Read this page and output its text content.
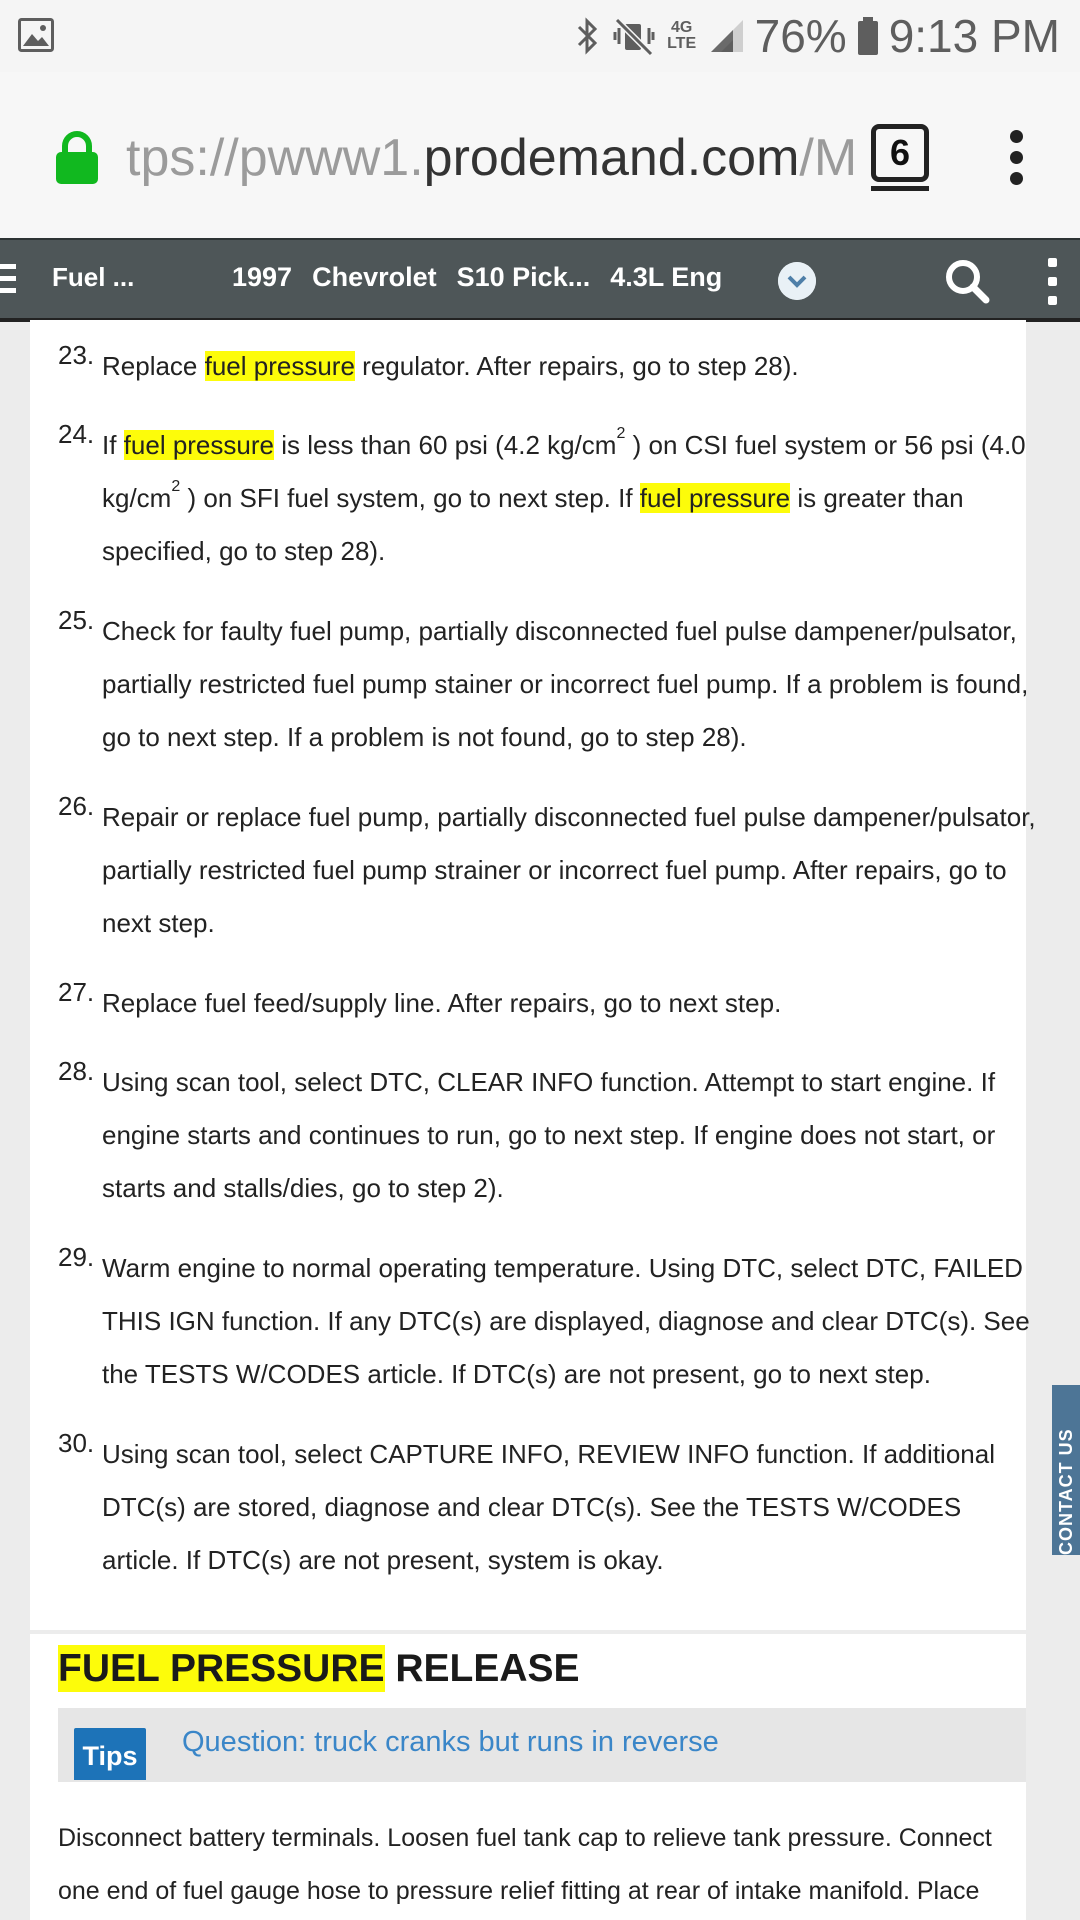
4G LTE 76% 9:13 PM
tps://pwww1.prodemand.com/M 6
Fuel ...	1997 Chevrolet S10 Pick... 4.3L Eng
23. Replace fuel pressure regulator. After repairs, go to step 28).
24. If fuel pressure is less than 60 psi (4.2 $kg/cm^2$ ) on CSI fuel system or 56 psi (4.0 $kg/cm^2$ ) on SFI fuel system, go to next step. If fuel pressure is greater than specified, go to step 28).
25. Check for faulty fuel pump, partially disconnected fuel pulse dampener/pulsator, partially restricted fuel pump stainer or incorrect fuel pump. If a problem is found, go to next step. If a problem is not found, go to step 28).
26. Repair or replace fuel pump, partially disconnected fuel pulse dampener/pulsator, partially restricted fuel pump strainer or incorrect fuel pump. After repairs, go to next step.
27. Replace fuel feed/supply line. After repairs, go to next step.
28. Using scan tool, select DTC, CLEAR INFO function. Attempt to start engine. If engine starts and continues to run, go to next step. If engine does not start, or starts and stalls/dies, go to step 2).
29. Warm engine to normal operating temperature. Using DTC, select DTC, FAILED THIS IGN function. If any DTC(s) are displayed, diagnose and clear DTC(s). See the TESTS W/CODES article. If DTC(s) are not present, go to next step.
30. Using scan tool, select CAPTURE INFO, REVIEW INFO function. If additional DTC(s) are stored, diagnose and clear DTC(s). See the TESTS W/CODES article. If DTC(s) are not present, system is okay.
CONTACT US
FUEL PRESSURE RELEASE
Tips Question: truck cranks but runs in reverse
Disconnect battery terminals. Loosen fuel tank cap to relieve tank pressure. Connect one end of fuel gauge hose to pressure relief fitting at rear of intake manifold. Place
